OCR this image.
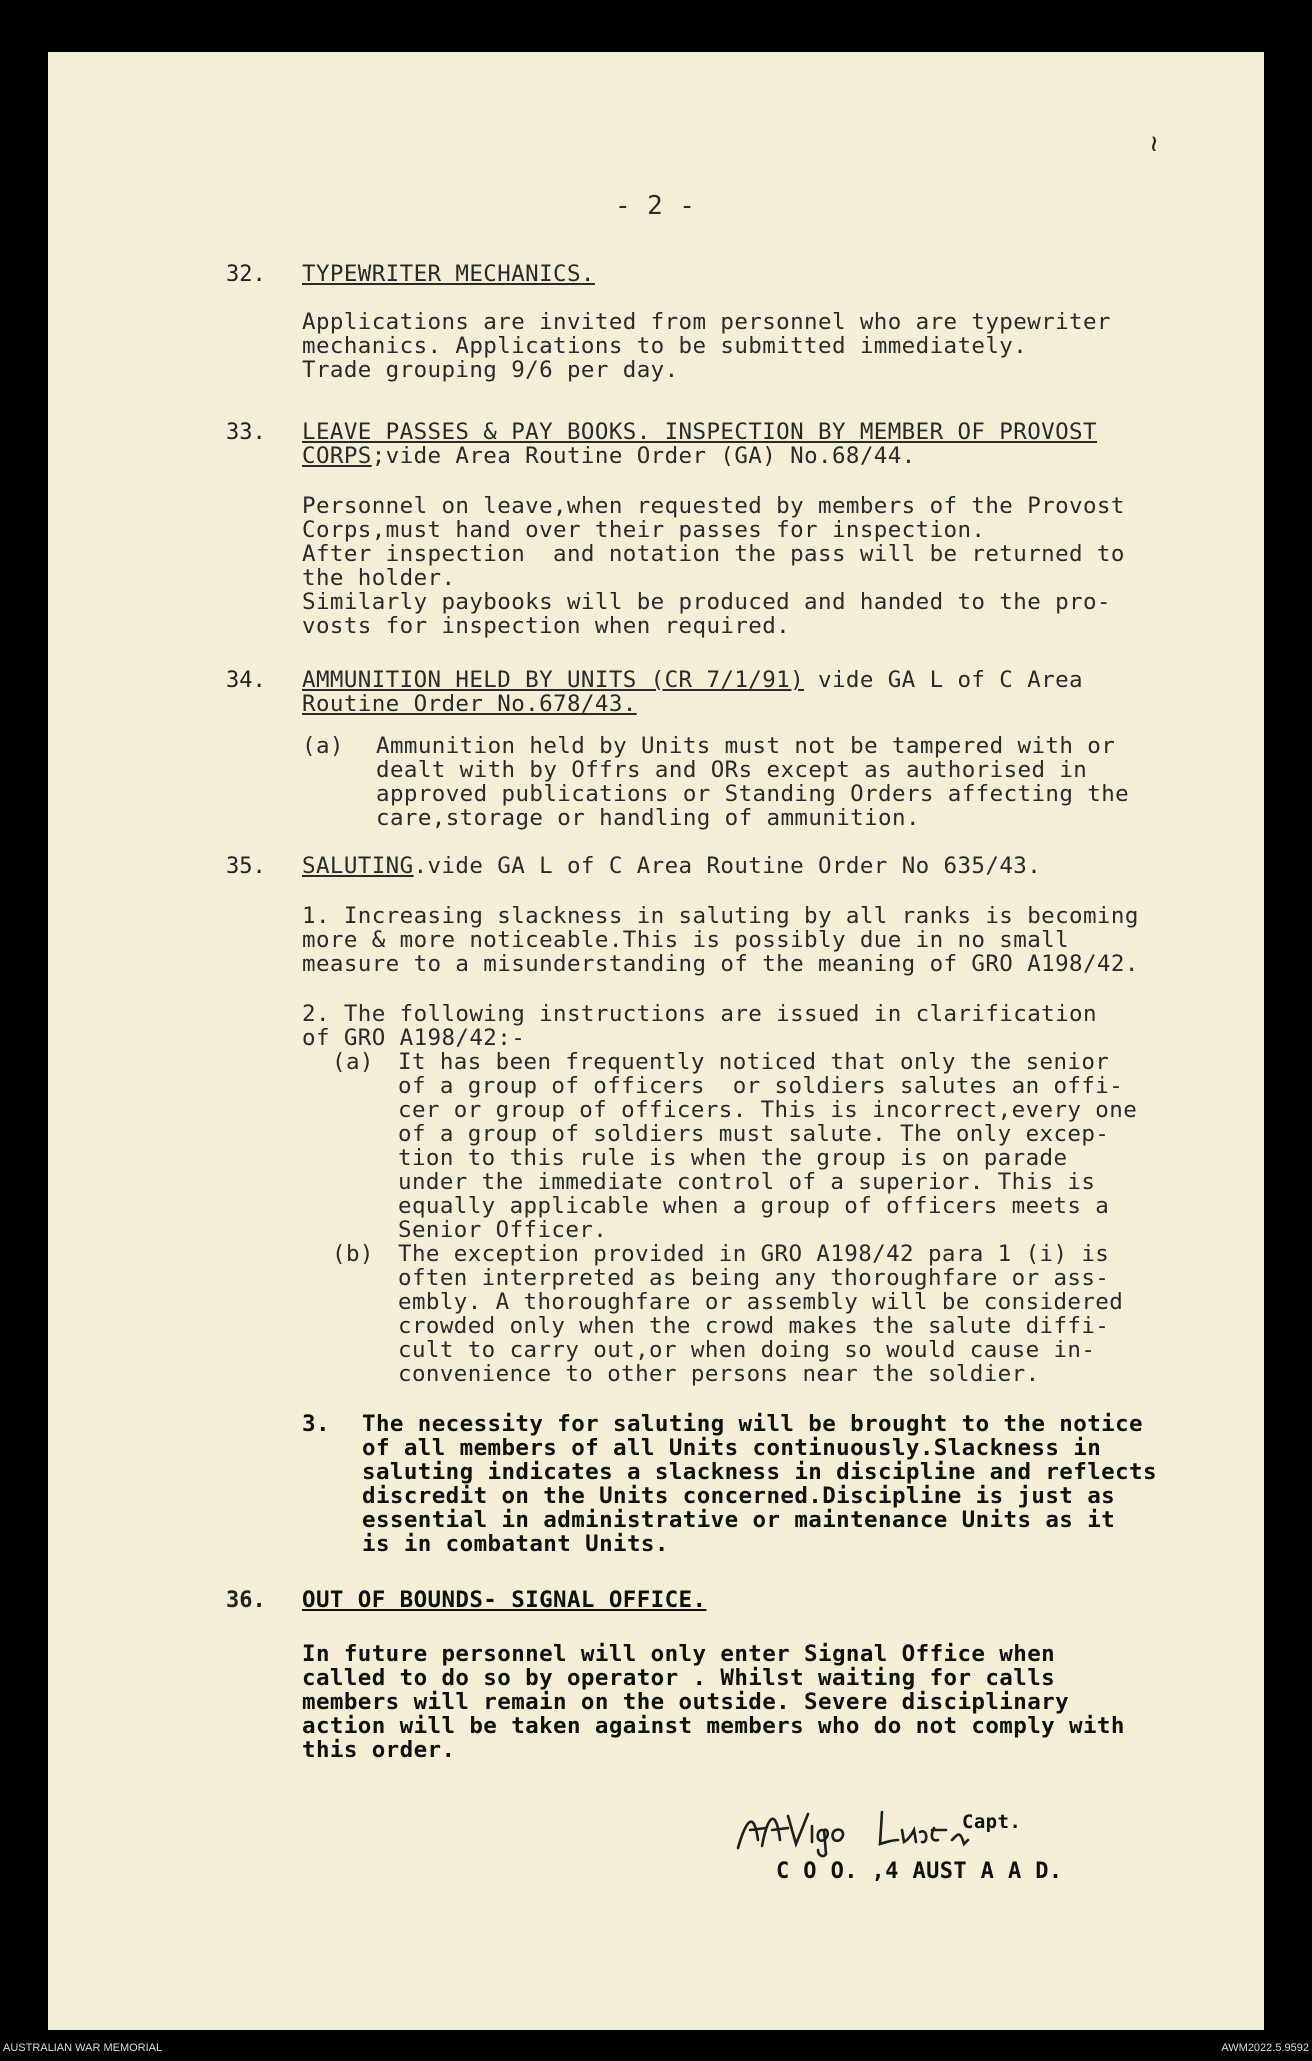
~
- 2 -
32. TYPEWRITER MECHANICS.
Applications are invited from personnel who are typewriter
mechanics. Applications to be submitted immediately.
Trade grouping 9/6 per day.
33. LEAVE PASSES & PAY BOOKS. INSPECTION BY MEMBER OF PROVOST
CORPS;vide Area Routine Order (GA) No.68/44.
Personnel on leave,when requested by members of the Provost
Corps,must hand over their passes for inspection.
After inspection  and notation the pass will be returned to
the holder.
Similarly paybooks will be produced and handed to the pro-
vosts for inspection when required.
34. AMMUNITION HELD BY UNITS (CR 7/1/91) vide GA L of C Area
Routine Order No.678/43.
(a) Ammunition held by Units must not be tampered with or
dealt with by Offrs and ORs except as authorised in
approved publications or Standing Orders affecting the
care,storage or handling of ammunition.
35. SALUTING.vide GA L of C Area Routine Order No 635/43.
1. Increasing slackness in saluting by all ranks is becoming
more & more noticeable.This is possibly due in no small
measure to a misunderstanding of the meaning of GRO A198/42.
2. The following instructions are issued in clarification
of GRO A198/42:-
(a) It has been frequently noticed that only the senior
of a group of officers  or soldiers salutes an offi-
cer or group of officers. This is incorrect,every one
of a group of soldiers must salute. The only excep-
tion to this rule is when the group is on parade
under the immediate control of a superior. This is
equally applicable when a group of officers meets a
Senior Officer.
(b) The exception provided in GRO A198/42 para 1 (i) is
often interpreted as being any thoroughfare or ass-
embly. A thoroughfare or assembly will be considered
crowded only when the crowd makes the salute diffi-
cult to carry out,or when doing so would cause in-
convenience to other persons near the soldier.
3. The necessity for saluting will be brought to the notice
of all members of all Units continuously.Slackness in
saluting indicates a slackness in discipline and reflects
discredit on the Units concerned.Discipline is just as
essential in administrative or maintenance Units as it
is in combatant Units.
36. OUT OF BOUNDS- SIGNAL OFFICE.
In future personnel will only enter Signal Office when
called to do so by operator . Whilst waiting for calls
members will remain on the outside. Severe disciplinary
action will be taken against members who do not comply with
this order.
Capt.
C O O. ,4 AUST A A D.
AUSTRALIAN WAR MEMORIAL	AWM2022.5.9592
